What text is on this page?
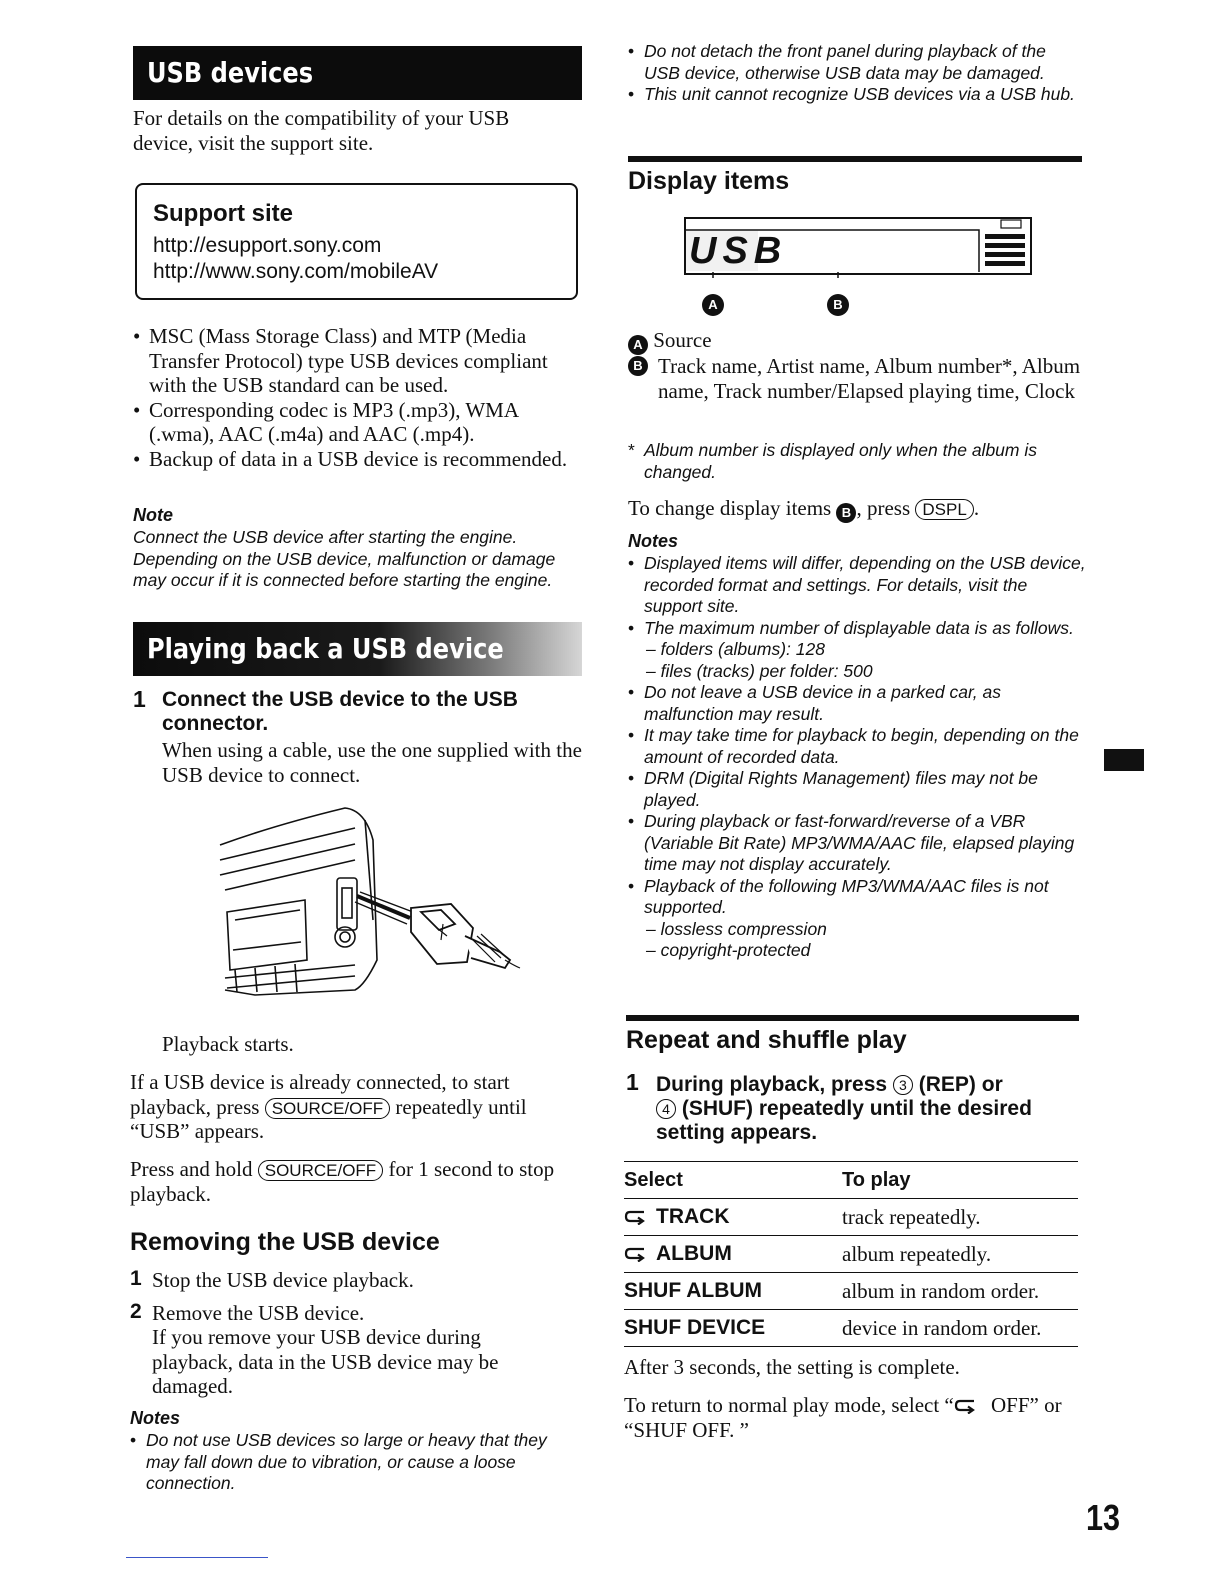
USB devices
For details on the compatibility of your USB device, visit the support site.
Support site
http://esupport.sony.com
http://www.sony.com/mobileAV
• MSC (Mass Storage Class) and MTP (Media Transfer Protocol) type USB devices compliant with the USB standard can be used.
• Corresponding codec is MP3 (.mp3), WMA (.wma), AAC (.m4a) and AAC (.mp4).
• Backup of data in a USB device is recommended.
Note
Connect the USB device after starting the engine. Depending on the USB device, malfunction or damage may occur if it is connected before starting the engine.
Playing back a USB device
1 Connect the USB device to the USB connector.
When using a cable, use the one supplied with the USB device to connect.
Playback starts.
If a USB device is already connected, to start playback, press SOURCE/OFF repeatedly until “USB” appears.
Press and hold SOURCE/OFF for 1 second to stop playback.
Removing the USB device
1 Stop the USB device playback.
2 Remove the USB device.
If you remove your USB device during playback, data in the USB device may be damaged.
Notes
• Do not use USB devices so large or heavy that they may fall down due to vibration, or cause a loose connection.
• Do not detach the front panel during playback of the USB device, otherwise USB data may be damaged.
• This unit cannot recognize USB devices via a USB hub.
Display items
USB
A	B
A Source
B Track name, Artist name, Album number*, Album name, Track number/Elapsed playing time, Clock
* Album number is displayed only when the album is changed.
To change display items B , press DSPL .
Notes
• Displayed items will differ, depending on the USB device, recorded format and settings. For details, visit the support site.
• The maximum number of displayable data is as follows.
– folders (albums): 128
– files (tracks) per folder: 500
• Do not leave a USB device in a parked car, as malfunction may result.
• It may take time for playback to begin, depending on the amount of recorded data.
• DRM (Digital Rights Management) files may not be played.
• During playback or fast-forward/reverse of a VBR (Variable Bit Rate) MP3/WMA/AAC file, elapsed playing time may not display accurately.
• Playback of the following MP3/WMA/AAC files is not supported.
– lossless compression
– copyright-protected
Repeat and shuffle play
1 During playback, press 3 (REP) or
4 (SHUF) repeatedly until the desired setting appears.
Select	To play
TRACK	track repeatedly.
ALBUM	album repeatedly.
SHUF ALBUM	album in random order.
SHUF DEVICE	device in random order.
After 3 seconds, the setting is complete.
To return to normal play mode, select “ OFF” or “SHUF OFF. ”
13
